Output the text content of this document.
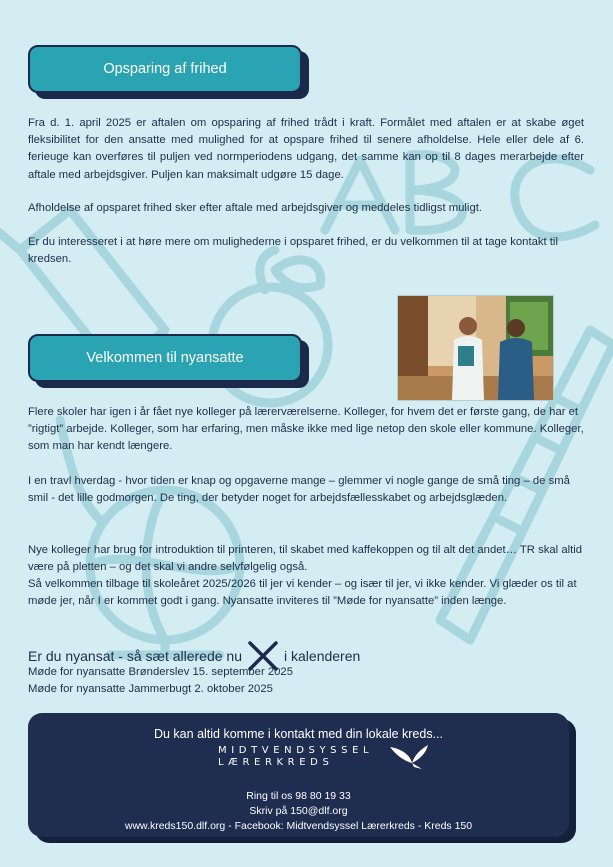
Opsparing af frihed

Fra d. 1. april 2025 er aftalen om opsparing af frihed trådt i kraft. Formålet med aftalen er at skabe øget fleksibilitet for den ansatte med mulighed for at opspare frihed til senere afholdelse. Hele eller dele af 6. ferieuge kan overføres til puljen ved normperiodens udgang, det samme kan op til 8 dages merarbejde efter aftale med arbejdsgiver. Puljen kan maksimalt udgøre 15 dage.

Afholdelse af opsparet frihed sker efter aftale med arbejdsgiver og meddeles tidligst muligt.

Er du interesseret i at høre mere om mulighederne i opsparet frihed, er du velkommen til at tage kontakt til kredsen.

Velkommen til nyansatte

Flere skoler har igen i år fået nye kolleger på lærerværelserne. Kolleger, for hvem det er første gang, de har et ”rigtigt” arbejde. Kolleger, som har erfaring, men måske ikke med lige netop den skole eller kommune. Kolleger, som man har kendt længere.

I en travl hverdag - hvor tiden er knap og opgaverne mange – glemmer vi nogle gange de små ting – de små smil - det lille godmorgen. De ting, der betyder noget for arbejdsfællesskabet og arbejdsglæden.

Nye kolleger har brug for introduktion til printeren, til skabet med kaffekoppen og til alt det andet… TR skal altid være på pletten – og det skal vi andre selvfølgelig også.

Så velkommen tilbage til skoleåret 2025/2026 til jer vi kender – og især til jer, vi ikke kender. Vi glæder os til at møde jer, når I er kommet godt i gang. Nyansatte inviteres til ”Møde for nyansatte” inden længe.

Er du nyansat - så sæt allerede nu	i kalenderen
Møde for nyansatte Brønderslev 15. september 2025
Møde for nyansatte Jammerbugt 2. oktober 2025
Du kan altid komme i kontakt med din lokale kreds...
MIDTVENDSYSSEL
LÆRERKREDS
Ring til os 98 80 19 33
Skriv på 150@dlf.org
www.kreds150.dlf.org - Facebook: Midtvendsyssel Lærerkreds - Kreds 150
